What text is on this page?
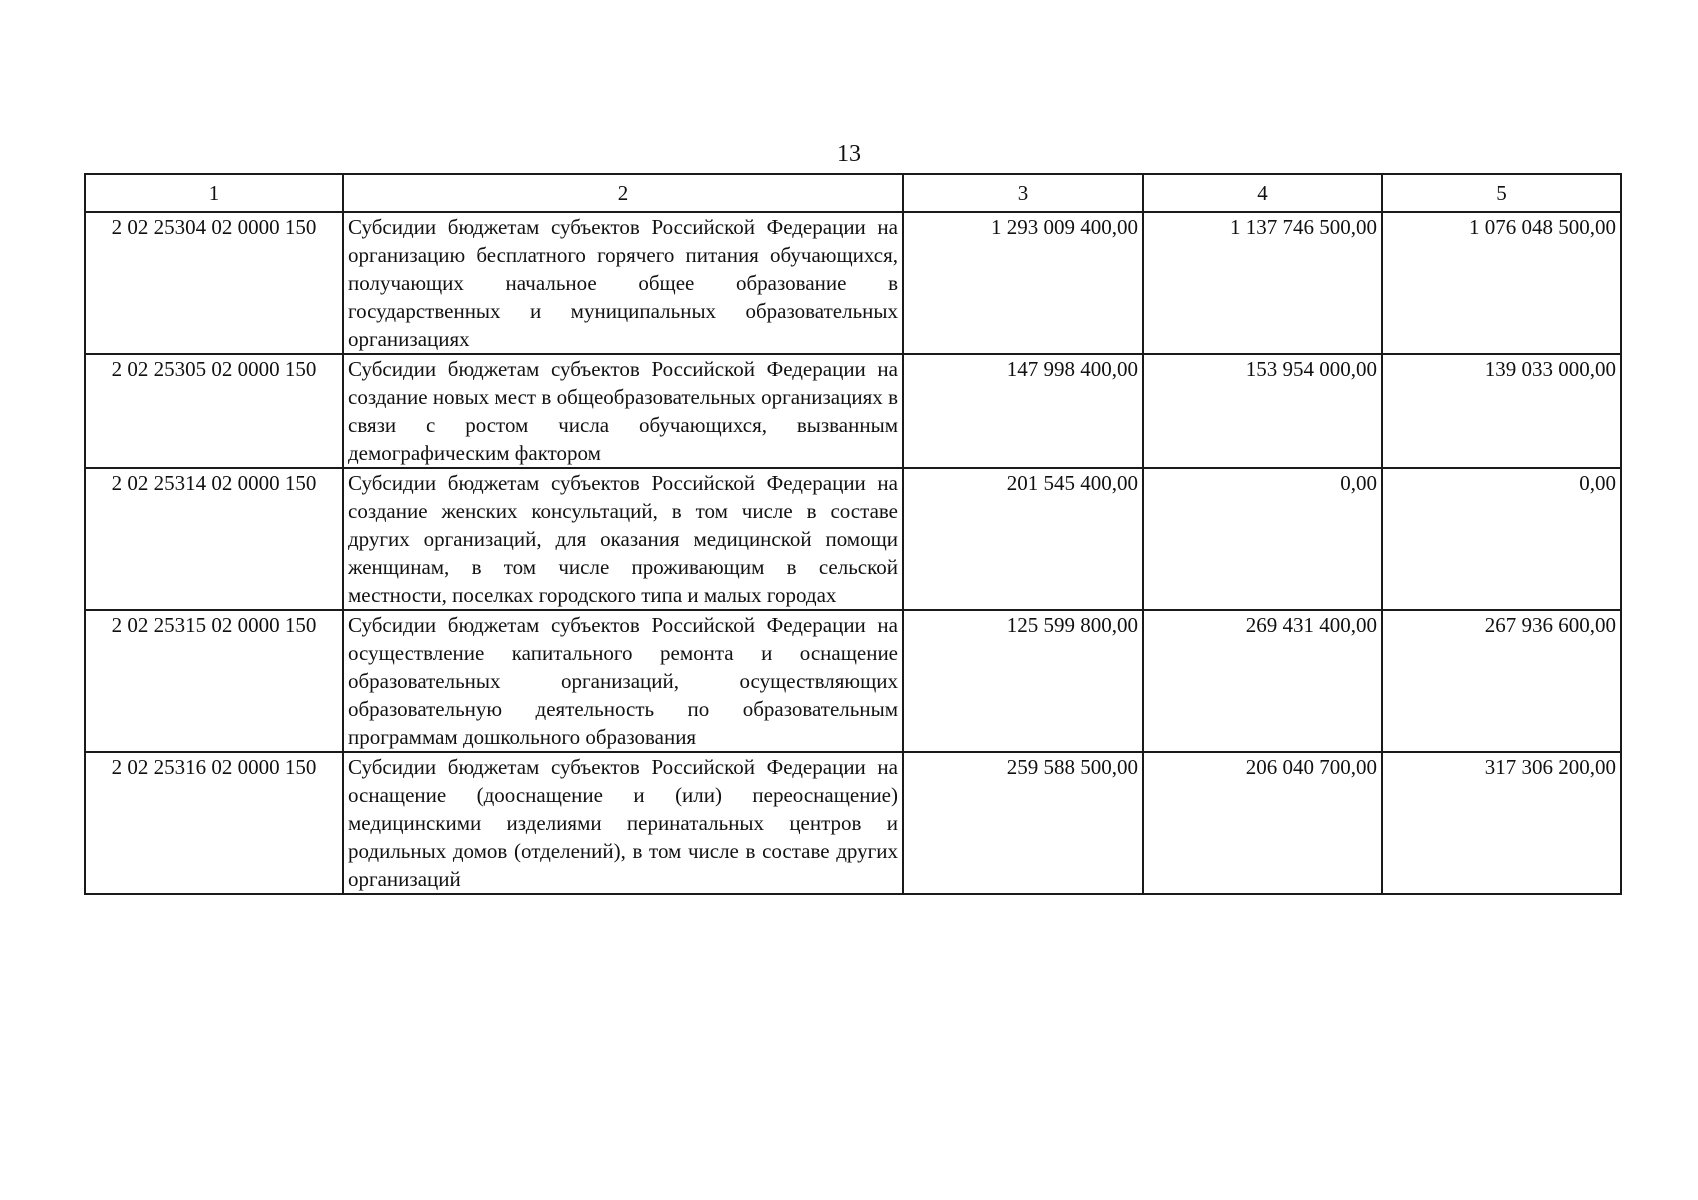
13
1	2	3	4	5
2 02 25304 02 0000 150	Субсидии бюджетам субъектов Российской Федерации на организацию бесплатного горячего питания обучающихся, получающих начальное общее образование в государственных и муниципальных образовательных организациях	1 293 009 400,00	1 137 746 500,00	1 076 048 500,00
2 02 25305 02 0000 150	Субсидии бюджетам субъектов Российской Федерации на создание новых мест в общеобразовательных организациях в связи с ростом числа обучающихся, вызванным демографическим фактором	147 998 400,00	153 954 000,00	139 033 000,00
2 02 25314 02 0000 150	Субсидии бюджетам субъектов Российской Федерации на создание женских консультаций, в том числе в составе других организаций, для оказания медицинской помощи женщинам, в том числе проживающим в сельской местности, поселках городского типа и малых городах	201 545 400,00	0,00	0,00
2 02 25315 02 0000 150	Субсидии бюджетам субъектов Российской Федерации на осуществление капитального ремонта и оснащение образовательных организаций, осуществляющих образовательную деятельность по образовательным программам дошкольного образования	125 599 800,00	269 431 400,00	267 936 600,00
2 02 25316 02 0000 150	Субсидии бюджетам субъектов Российской Федерации на оснащение (дооснащение и (или) переоснащение) медицинскими изделиями перинатальных центров и родильных домов (отделений), в том числе в составе других организаций	259 588 500,00	206 040 700,00	317 306 200,00
